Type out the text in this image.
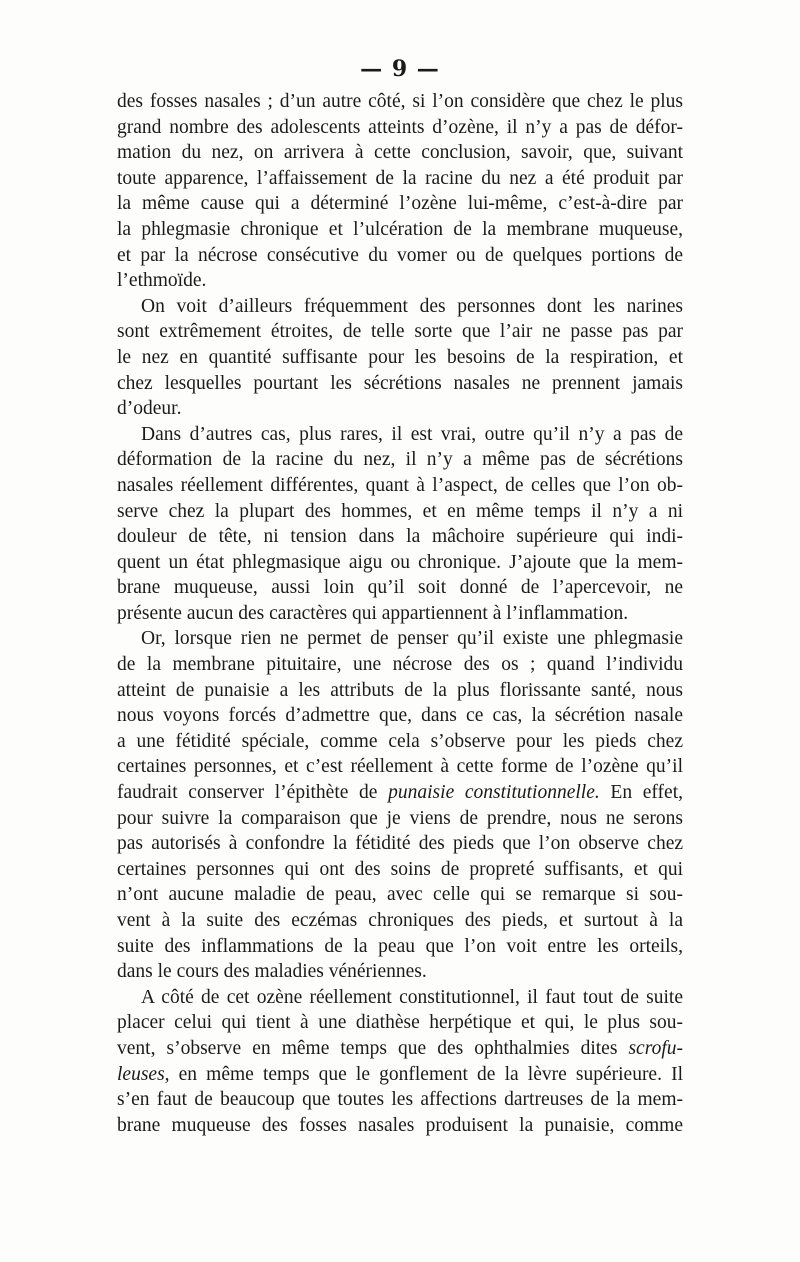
— 9 —
des fosses nasales ; d’un autre côté, si l’on considère que chez le plus
grand nombre des adolescents atteints d’ozène, il n’y a pas de défor-
mation du nez, on arrivera à cette conclusion, savoir, que, suivant
toute apparence, l’affaissement de la racine du nez a été produit par
la même cause qui a déterminé l’ozène lui-même, c’est-à-dire par
la phlegmasie chronique et l’ulcération de la membrane muqueuse,
et par la nécrose consécutive du vomer ou de quelques portions de
l’ethmoïde.
On voit d’ailleurs fréquemment des personnes dont les narines
sont extrêmement étroites, de telle sorte que l’air ne passe pas par
le nez en quantité suffisante pour les besoins de la respiration, et
chez lesquelles pourtant les sécrétions nasales ne prennent jamais
d’odeur.
Dans d’autres cas, plus rares, il est vrai, outre qu’il n’y a pas de
déformation de la racine du nez, il n’y a même pas de sécrétions
nasales réellement différentes, quant à l’aspect, de celles que l’on ob-
serve chez la plupart des hommes, et en même temps il n’y a ni
douleur de tête, ni tension dans la mâchoire supérieure qui indi-
quent un état phlegmasique aigu ou chronique. J’ajoute que la mem-
brane muqueuse, aussi loin qu’il soit donné de l’apercevoir, ne
présente aucun des caractères qui appartiennent à l’inflammation.
Or, lorsque rien ne permet de penser qu’il existe une phlegmasie
de la membrane pituitaire, une nécrose des os ; quand l’individu
atteint de punaisie a les attributs de la plus florissante santé, nous
nous voyons forcés d’admettre que, dans ce cas, la sécrétion nasale
a une fétidité spéciale, comme cela s’observe pour les pieds chez
certaines personnes, et c’est réellement à cette forme de l’ozène qu’il
faudrait conserver l’épithète de punaisie constitutionnelle. En effet,
pour suivre la comparaison que je viens de prendre, nous ne serons
pas autorisés à confondre la fétidité des pieds que l’on observe chez
certaines personnes qui ont des soins de propreté suffisants, et qui
n’ont aucune maladie de peau, avec celle qui se remarque si sou-
vent à la suite des eczémas chroniques des pieds, et surtout à la
suite des inflammations de la peau que l’on voit entre les orteils,
dans le cours des maladies vénériennes.
A côté de cet ozène réellement constitutionnel, il faut tout de suite
placer celui qui tient à une diathèse herpétique et qui, le plus sou-
vent, s’observe en même temps que des ophthalmies dites scrofu-
leuses, en même temps que le gonflement de la lèvre supérieure. Il
s’en faut de beaucoup que toutes les affections dartreuses de la mem-
brane muqueuse des fosses nasales produisent la punaisie, comme
